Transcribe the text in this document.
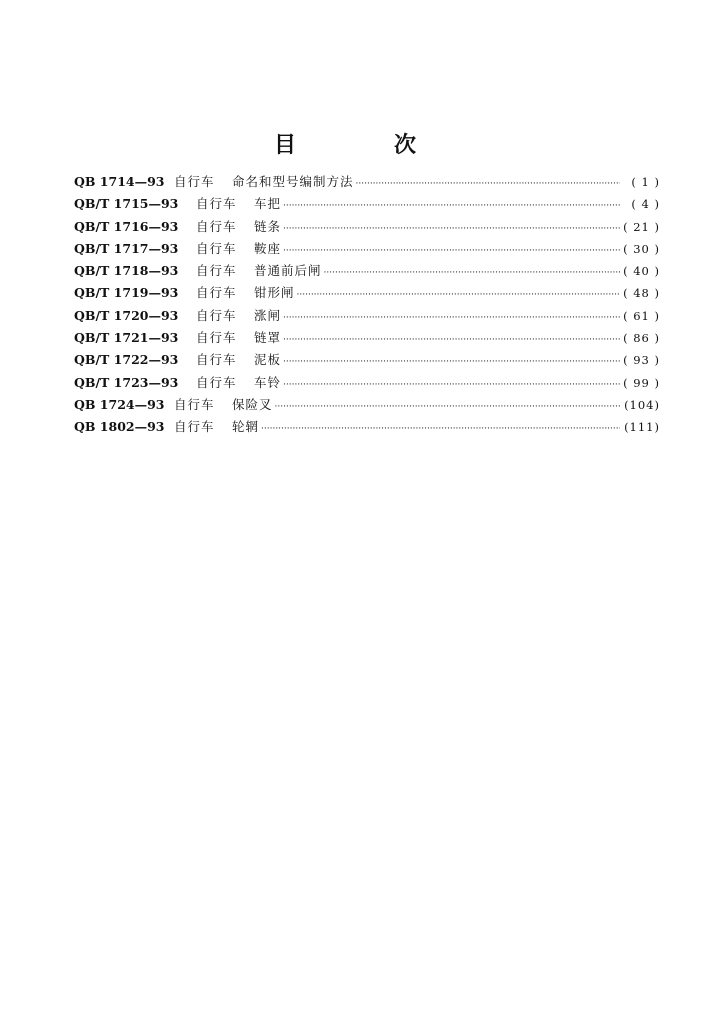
目　次
QB 1714—93 自行车	命名和型号编制方法 ·····	( 1 )
QB/T 1715—93	自行车	车把 ·····	( 4 )
QB/T 1716—93	自行车	链条 ·····	( 21 )
QB/T 1717—93	自行车	鞍座 ·····	( 30 )
QB/T 1718—93	自行车	普通前后闸 ·····	( 40 )
QB/T 1719—93	自行车	钳形闸 ·····	( 48 )
QB/T 1720—93	自行车	涨闸 ·····	( 61 )
QB/T 1721—93	自行车	链罩 ·····	( 86 )
QB/T 1722—93	自行车	泥板 ·····	( 93 )
QB/T 1723—93	自行车	车铃 ·····	( 99 )
QB 1724—93 自行车	保险叉 ·····	(104)
QB 1802—93 自行车	轮辋 ·····	(111)
